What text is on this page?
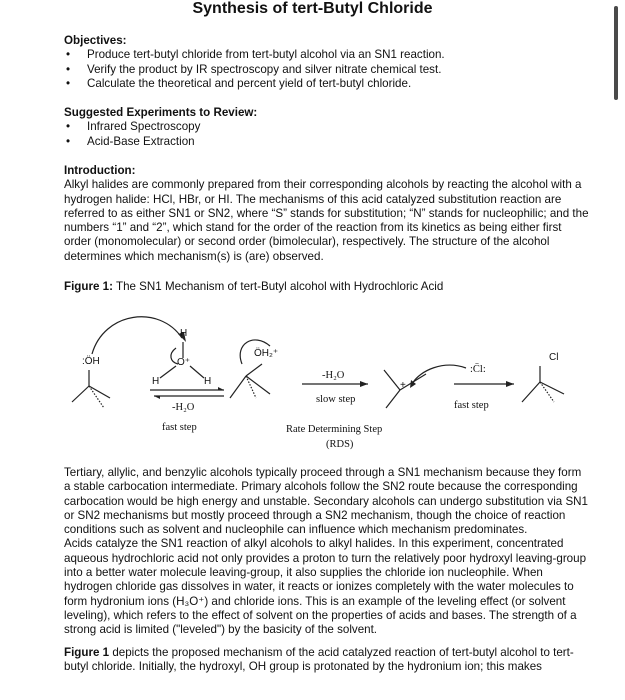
Synthesis of tert-Butyl Chloride
Objectives:
• Produce tert-butyl chloride from tert-butyl alcohol via an SN1 reaction.
• Verify the product by IR spectroscopy and silver nitrate chemical test.
• Calculate the theoretical and percent yield of tert-butyl chloride.
Suggested Experiments to Review:
• Infrared Spectroscopy
• Acid-Base Extraction
Introduction:

Alkyl halides are commonly prepared from their corresponding alcohols by reacting the alcohol with a hydrogen halide: HCl, HBr, or HI. The mechanisms of this acid catalyzed substitution reaction are referred to as either SN1 or SN2, where “S” stands for substitution; “N” stands for nucleophilic; and the numbers “1” and “2”, which stand for the order of the reaction from its kinetics as being either first order (monomolecular) or second order (bimolecular), respectively. The structure of the alcohol determines which mechanism(s) is (are) observed.

Figure 1: The SN1 Mechanism of tert-Butyl alcohol with Hydrochloric Acid
:ÖH
H
O⁺
H	H
ÖH₂⁺	Cl
+
-H₂O
slow step
-H₂O
fast step
:C̈l:
fast step
Rate Determining Step
(RDS)

Tertiary, allylic, and benzylic alcohols typically proceed through a SN1 mechanism because they form a stable carbocation intermediate. Primary alcohols follow the SN2 route because the corresponding carbocation would be high energy and unstable. Secondary alcohols can undergo substitution via SN1 or SN2 mechanisms but mostly proceed through a SN2 mechanism, though the choice of reaction conditions such as solvent and nucleophile can influence which mechanism predominates.

Acids catalyze the SN1 reaction of alkyl alcohols to alkyl halides. In this experiment, concentrated aqueous hydrochloric acid not only provides a proton to turn the relatively poor hydroxyl leaving-group into a better water molecule leaving-group, it also supplies the chloride ion nucleophile. When hydrogen chloride gas dissolves in water, it reacts or ionizes completely with the water molecules to form hydronium ions (H₃O⁺) and chloride ions. This is an example of the leveling effect (or solvent leveling), which refers to the effect of solvent on the properties of acids and bases. The strength of a strong acid is limited ("leveled") by the basicity of the solvent.

Figure 1 depicts the proposed mechanism of the acid catalyzed reaction of tert-butyl alcohol to tert-butyl chloride. Initially, the hydroxyl, OH group is protonated by the hydronium ion; this makes
